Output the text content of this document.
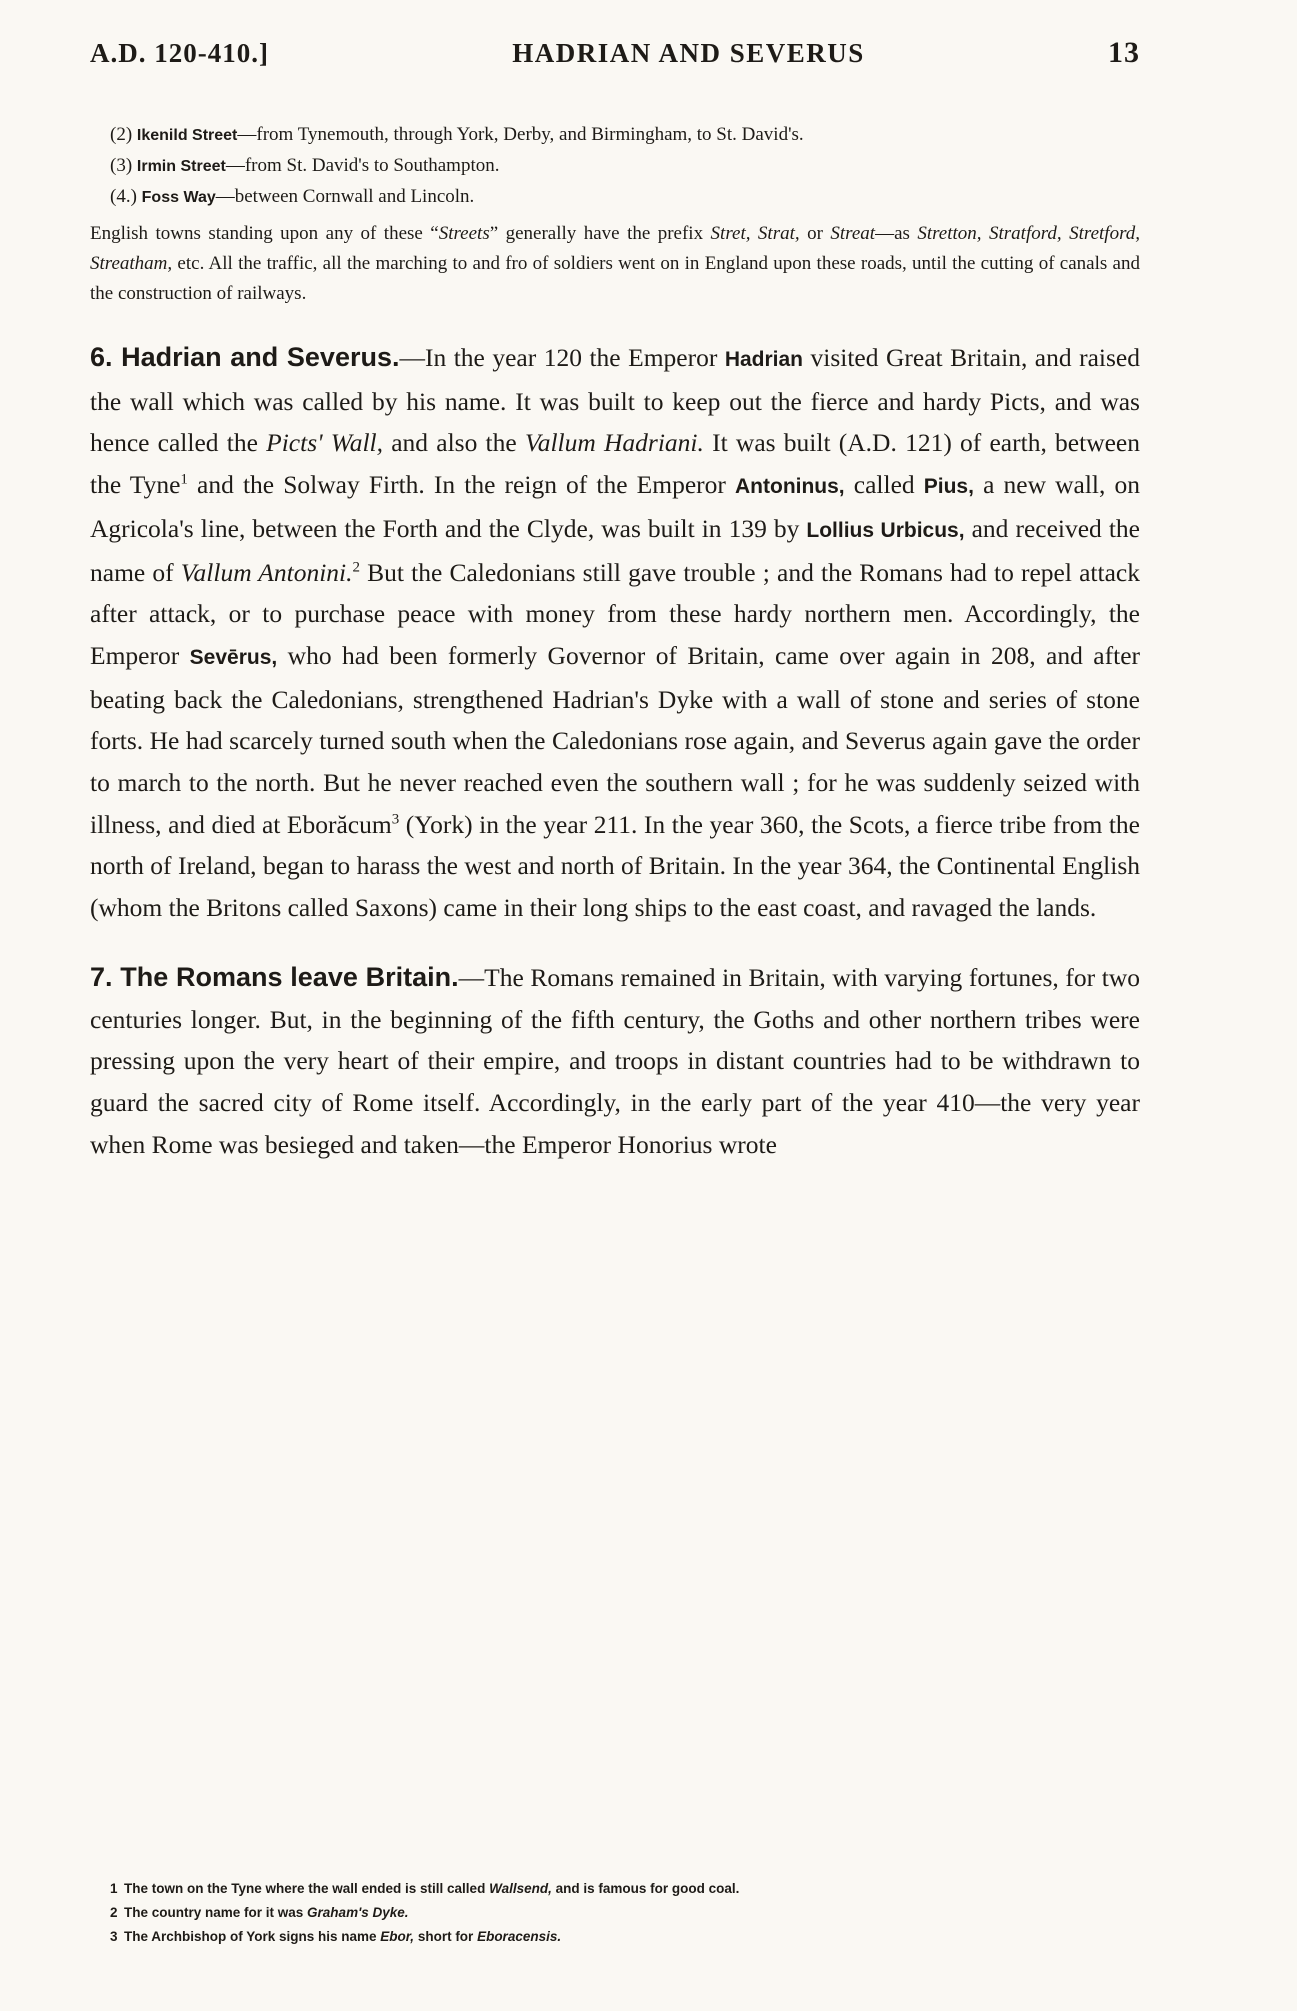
A.D. 120-410.]	HADRIAN AND SEVERUS	13

(2) Ikenild Street—from Tynemouth, through York, Derby, and Birmingham, to St. David's.

(3) Irmin Street—from St. David's to Southampton.

(4.) Foss Way—between Cornwall and Lincoln.

English towns standing upon any of these “Streets” generally have the prefix Stret, Strat, or Streat—as Stretton, Stratford, Stretford, Streatham, etc. All the traffic, all the marching to and fro of soldiers went on in England upon these roads, until the cutting of canals and the construction of railways.

6. Hadrian and Severus.—In the year 120 the Emperor Hadrian visited Great Britain, and raised the wall which was called by his name. It was built to keep out the fierce and hardy Picts, and was hence called the Picts' Wall, and also the Vallum Hadriani. It was built (A.D. 121) of earth, between the Tyne$^1$ and the Solway Firth. In the reign of the Emperor Antoninus, called Pius, a new wall, on Agricola's line, between the Forth and the Clyde, was built in 139 by Lollius Urbicus, and received the name of Vallum Antonini.$^2$ But the Caledonians still gave trouble ; and the Romans had to repel attack after attack, or to purchase peace with money from these hardy northern men. Accordingly, the Emperor Sevērus, who had been formerly Governor of Britain, came over again in 208, and after beating back the Caledonians, strengthened Hadrian's Dyke with a wall of stone and series of stone forts. He had scarcely turned south when the Caledonians rose again, and Severus again gave the order to march to the north. But he never reached even the southern wall ; for he was suddenly seized with illness, and died at Eborăcum$^3$ (York) in the year 211. In the year 360, the Scots, a fierce tribe from the north of Ireland, began to harass the west and north of Britain. In the year 364, the Continental English (whom the Britons called Saxons) came in their long ships to the east coast, and ravaged the lands.

7. The Romans leave Britain.—The Romans remained in Britain, with varying fortunes, for two centuries longer. But, in the beginning of the fifth century, the Goths and other northern tribes were pressing upon the very heart of their empire, and troops in distant countries had to be withdrawn to guard the sacred city of Rome itself. Accordingly, in the early part of the year 410—the very year when Rome was besieged and taken—the Emperor Honorius wrote

1 The town on the Tyne where the wall ended is still called Wallsend, and is famous for good coal.

2 The country name for it was Graham's Dyke.

3 The Archbishop of York signs his name Ebor, short for Eboracensis.
